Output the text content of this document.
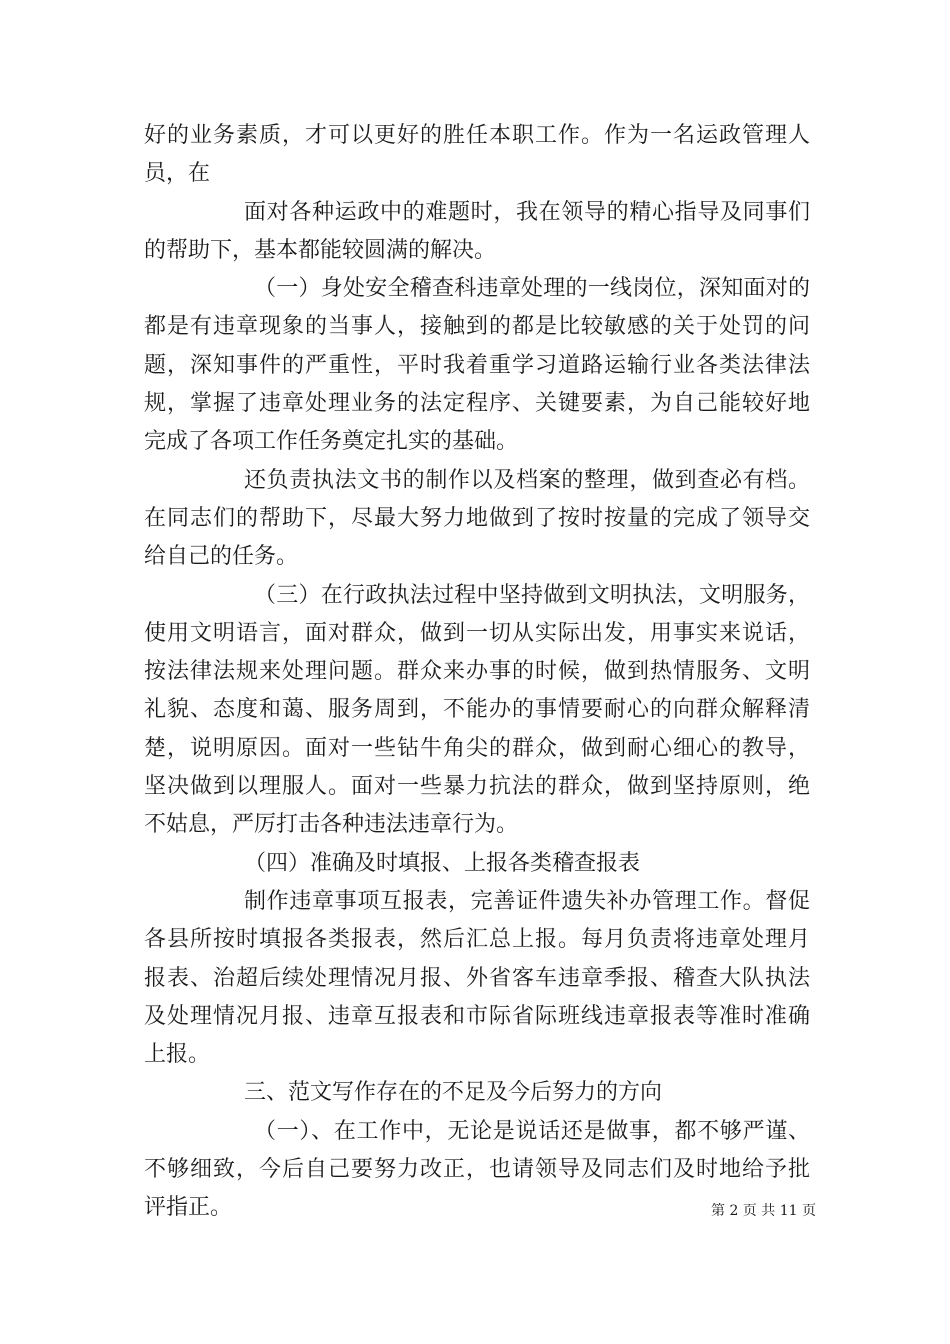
好的业务素质，才可以更好的胜任本职工作。作为一名运政管理人
员，在
面对各种运政中的难题时，我在领导的精心指导及同事们
的帮助下，基本都能较圆满的解决。
（一）身处安全稽查科违章处理的一线岗位，深知面对的
都是有违章现象的当事人，接触到的都是比较敏感的关于处罚的问
题，深知事件的严重性，平时我着重学习道路运输行业各类法律法
规，掌握了违章处理业务的法定程序、关键要素，为自己能较好地
完成了各项工作任务奠定扎实的基础。
还负责执法文书的制作以及档案的整理，做到查必有档。
在同志们的帮助下，尽最大努力地做到了按时按量的完成了领导交
给自己的任务。
（三）在行政执法过程中坚持做到文明执法，文明服务，
使用文明语言，面对群众，做到一切从实际出发，用事实来说话，
按法律法规来处理问题。群众来办事的时候，做到热情服务、文明
礼貌、态度和蔼、服务周到，不能办的事情要耐心的向群众解释清
楚，说明原因。面对一些钻牛角尖的群众，做到耐心细心的教导，
坚决做到以理服人。面对一些暴力抗法的群众，做到坚持原则，绝
不姑息，严厉打击各种违法违章行为。
（四）准确及时填报、上报各类稽查报表
制作违章事项互报表，完善证件遗失补办管理工作。督促
各县所按时填报各类报表，然后汇总上报。每月负责将违章处理月
报表、治超后续处理情况月报、外省客车违章季报、稽查大队执法
及处理情况月报、违章互报表和市际省际班线违章报表等准时准确
上报。
三、范文写作存在的不足及今后努力的方向
（一）、在工作中，无论是说话还是做事，都不够严谨、
不够细致，今后自己要努力改正，也请领导及同志们及时地给予批
评指正。	第 2 页 共 11 页
